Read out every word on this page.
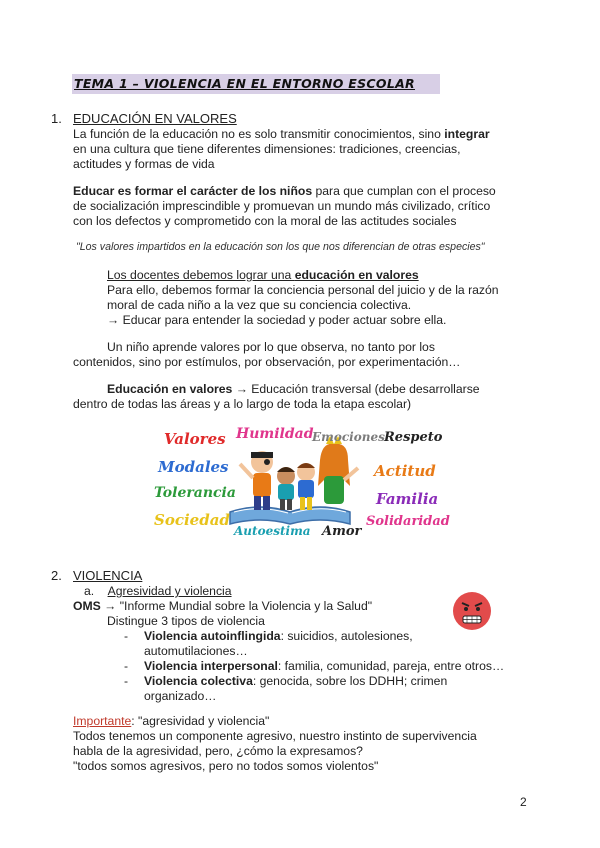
TEMA 1 – VIOLENCIA EN EL ENTORNO ESCOLAR
1. EDUCACIÓN EN VALORES
La función de la educación no es solo transmitir conocimientos, sino integrar
en una cultura que tiene diferentes dimensiones: tradiciones, creencias,
actitudes y formas de vida
Educar es formar el carácter de los niños para que cumplan con el proceso
de socialización imprescindible y promuevan un mundo más civilizado, crítico
con los defectos y comprometido con la moral de las actitudes sociales
"Los valores impartidos en la educación son los que nos diferencian de otras especies"
Los docentes debemos lograr una educación en valores
Para ello, debemos formar la conciencia personal del juicio y de la razón
moral de cada niño a la vez que su conciencia colectiva.
→ Educar para entender la sociedad y poder actuar sobre ella.
Un niño aprende valores por lo que observa, no tanto por los
contenidos, sino por estímulos, por observación, por experimentación…
Educación en valores → Educación transversal (debe desarrollarse
dentro de todas las áreas y a lo largo de toda la etapa escolar)
Valores Humildad
Emociones Respeto
Modales	Actitud
Tolerancia	Familia
Sociedad
Autoestima Amor
Solidaridad
2. VIOLENCIA
a. Agresividad y violencia
OMS → "Informe Mundial sobre la Violencia y la Salud"
Distingue 3 tipos de violencia
- Violencia autoinflingida: suicidios, autolesiones,
automutilaciones…
- Violencia interpersonal: familia, comunidad, pareja, entre otros…
- Violencia colectiva: genocida, sobre los DDHH; crimen
organizado…
Importante: "agresividad y violencia"
Todos tenemos un componente agresivo, nuestro instinto de supervivencia
habla de la agresividad, pero, ¿cómo la expresamos?
"todos somos agresivos, pero no todos somos violentos"
2
